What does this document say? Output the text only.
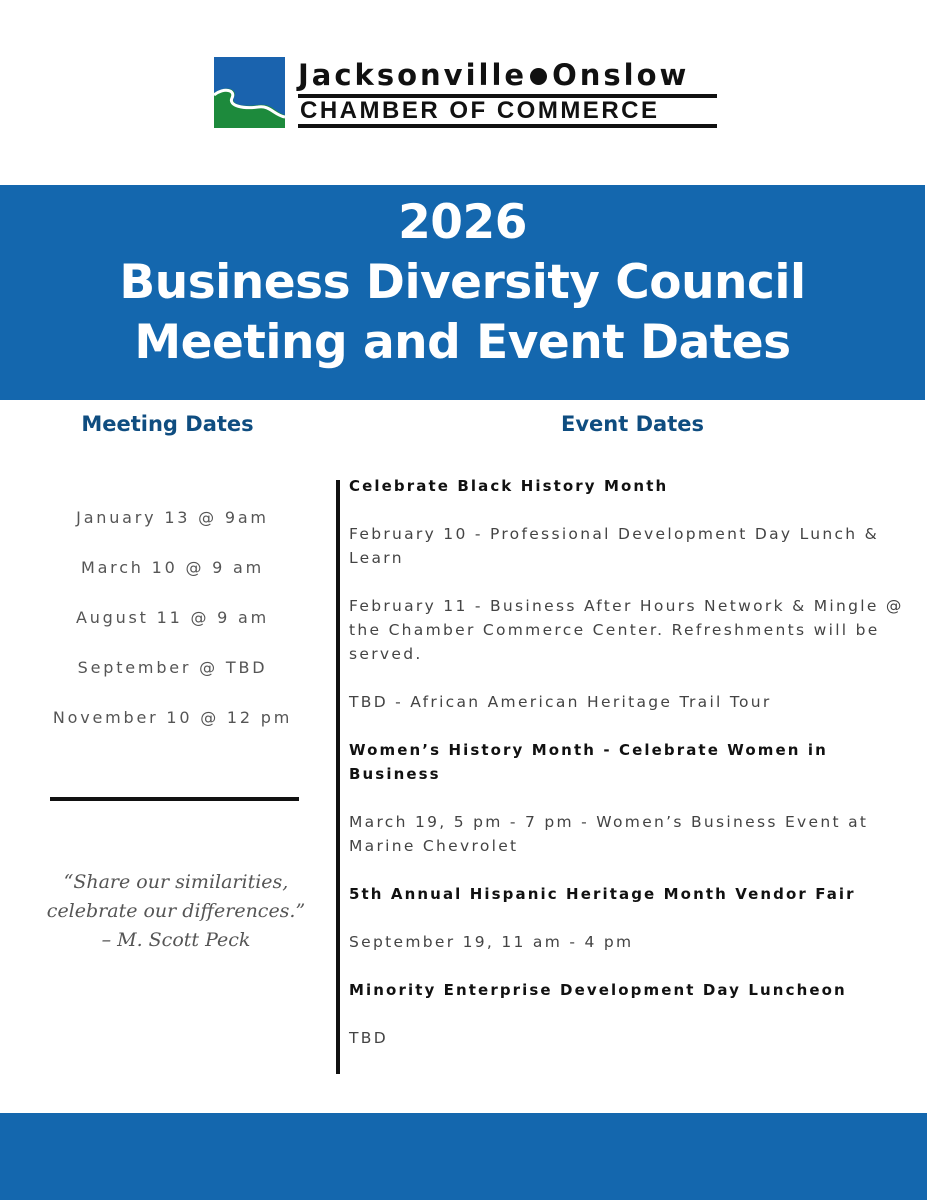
Jacksonville Onslow
CHAMBER OF COMMERCE
2026
Business Diversity Council
Meeting and Event Dates
Meeting Dates	Event Dates
January 13 @ 9am
March 10 @ 9 am
August 11 @ 9 am
September @ TBD
November 10 @ 12 pm
“Share our similarities,
celebrate our differences.”
– M. Scott Peck
Celebrate Black History Month
February 10 - Professional Development Day Lunch & Learn
February 11 - Business After Hours Network & Mingle @ the Chamber Commerce Center. Refreshments will be served.
TBD - African American Heritage Trail Tour
Women’s History Month - Celebrate Women in Business
March 19, 5 pm - 7 pm - Women’s Business Event at Marine Chevrolet
5th Annual Hispanic Heritage Month Vendor Fair
September 19, 11 am - 4 pm
Minority Enterprise Development Day Luncheon
TBD
